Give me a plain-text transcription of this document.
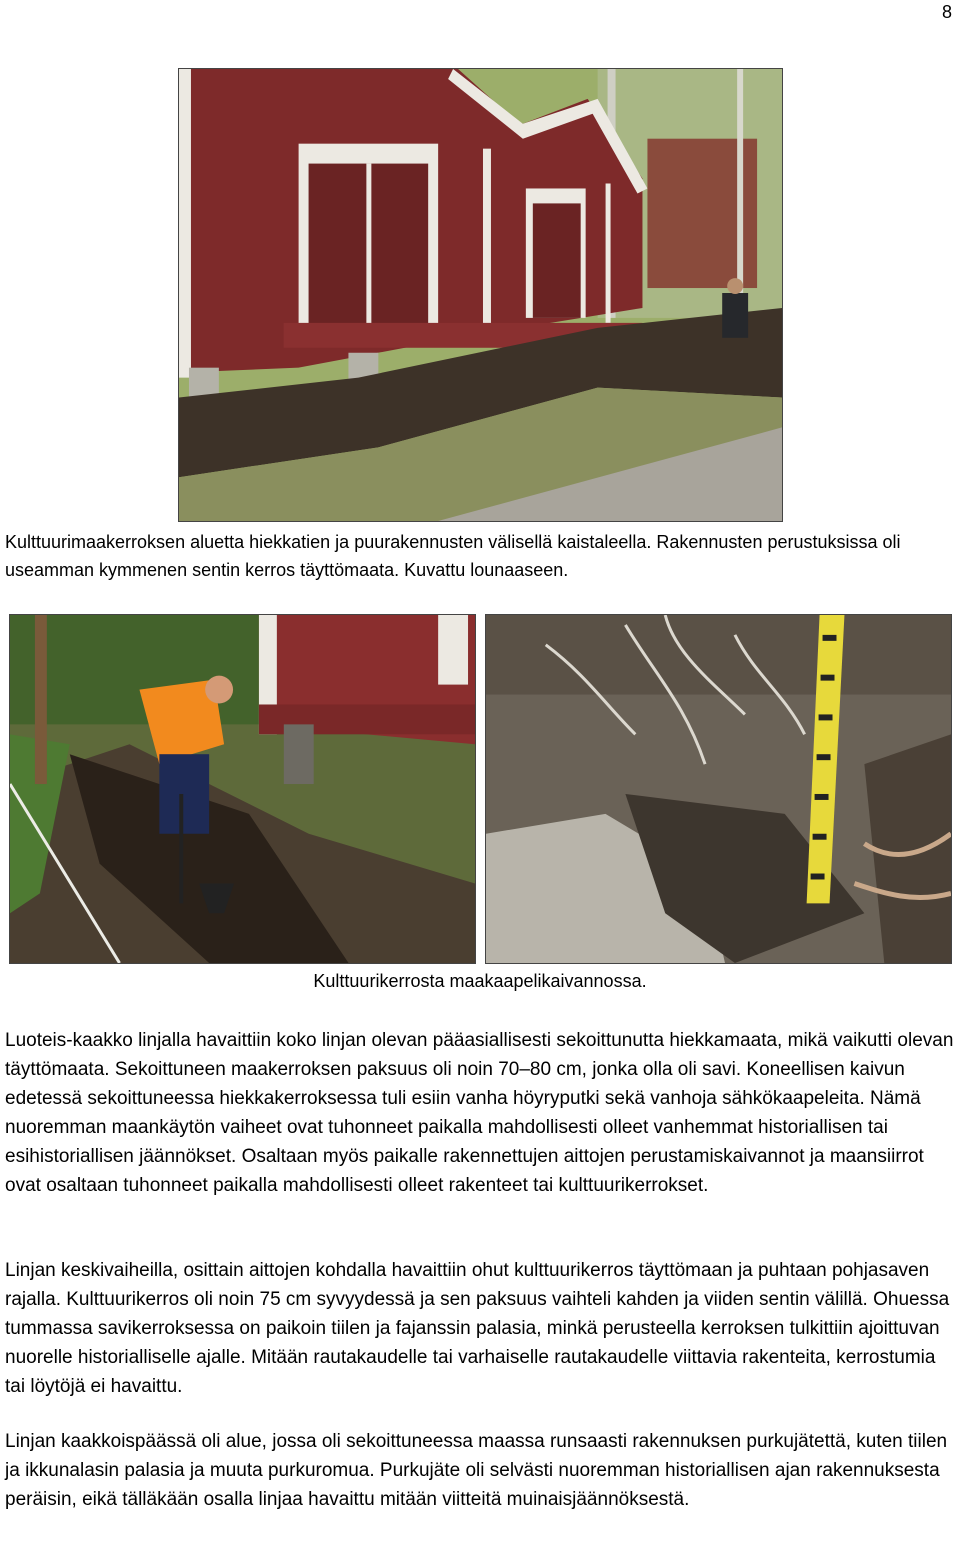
8
Kulttuurimaakerroksen aluetta hiekkatien ja puurakennusten välisellä kaistaleella. Rakennusten perustuksissa oli useamman kymmenen sentin kerros täyttömaata. Kuvattu lounaaseen.
Kulttuurikerrosta maakaapelikaivannossa.

Luoteis-kaakko linjalla havaittiin koko linjan olevan pääasiallisesti sekoittunutta hiekkamaata, mikä vaikutti olevan täyttömaata. Sekoittuneen maakerroksen paksuus oli noin 70–80 cm, jonka olla oli savi. Koneellisen kaivun edetessä sekoittuneessa hiekkakerroksessa tuli esiin vanha höyryputki sekä vanhoja sähkökaapeleita. Nämä nuoremman maankäytön vaiheet ovat tuhonneet paikalla mahdollisesti olleet vanhemmat historiallisen tai esihistoriallisen jäännökset. Osaltaan myös paikalle rakennettujen aittojen perustamiskaivannot ja maansiirrot ovat osaltaan tuhonneet paikalla mahdollisesti olleet rakenteet tai kulttuurikerrokset.

Linjan keskivaiheilla, osittain aittojen kohdalla havaittiin ohut kulttuurikerros täyttömaan ja puhtaan pohjasaven rajalla. Kulttuurikerros oli noin 75 cm syvyydessä ja sen paksuus vaihteli kahden ja viiden sentin välillä. Ohuessa tummassa savikerroksessa on paikoin tiilen ja fajanssin palasia, minkä perusteella kerroksen tulkittiin ajoittuvan nuorelle historialliselle ajalle. Mitään rautakaudelle tai varhaiselle rautakaudelle viittavia rakenteita, kerrostumia tai löytöjä ei havaittu.

Linjan kaakkoispäässä oli alue, jossa oli sekoittuneessa maassa runsaasti rakennuksen purkujätettä, kuten tiilen ja ikkunalasin palasia ja muuta purkuromua. Purkujäte oli selvästi nuoremman historiallisen ajan rakennuksesta peräisin, eikä tälläkään osalla linjaa havaittu mitään viitteitä muinaisjäännöksestä.
